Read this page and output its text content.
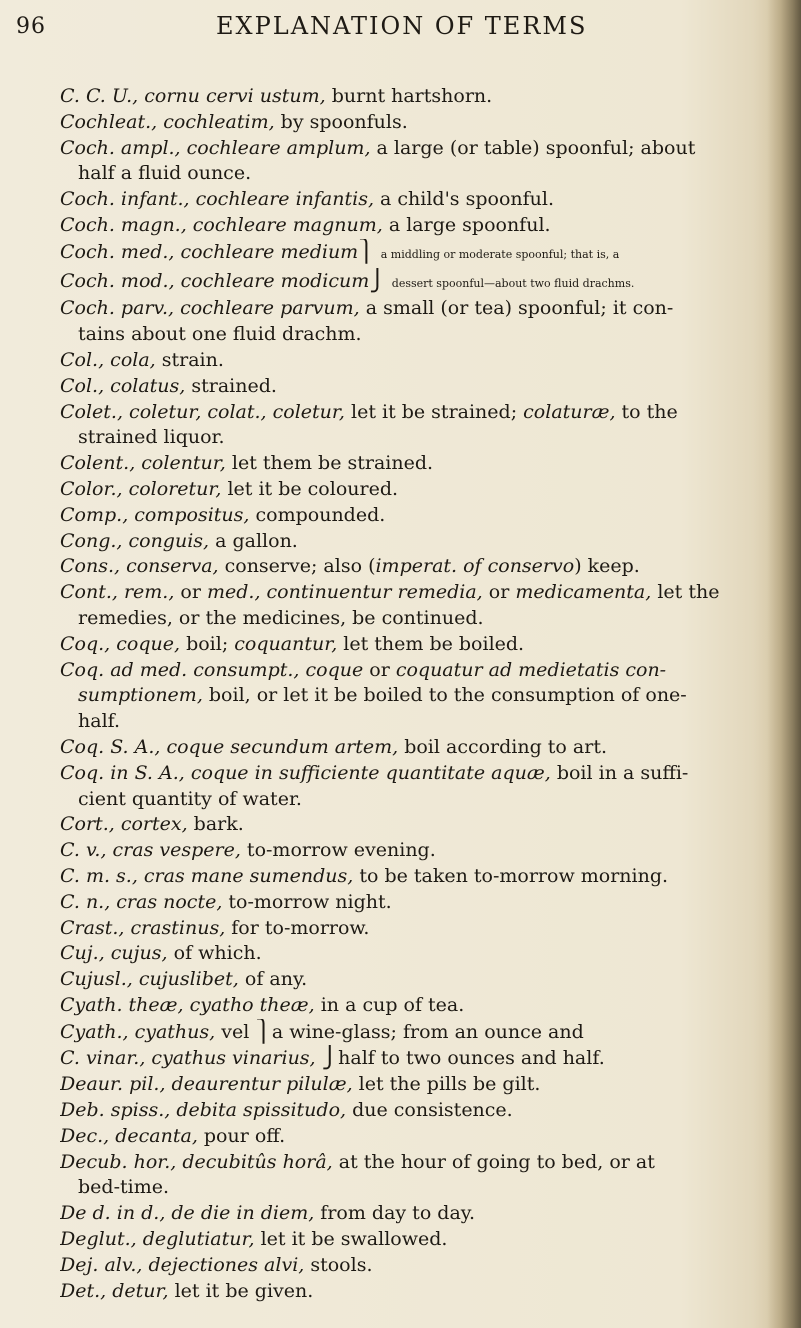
96	EXPLANATION OF TERMS
C. C. U., cornu cervi ustum, burnt hartshorn.
Cochleat., cochleatim, by spoonfuls.
Coch. ampl., cochleare amplum, a large (or table) spoonful; about
half a fluid ounce.
Coch. infant., cochleare infantis, a child's spoonful.
Coch. magn., cochleare magnum, a large spoonful.
Coch. med., cochleare medium⎫ a middling or moderate spoonful; that is, a
Coch. mod., cochleare modicum⎭ dessert spoonful—about two fluid drachms.
Coch. parv., cochleare parvum, a small (or tea) spoonful; it con-
tains about one fluid drachm.
Col., cola, strain.
Col., colatus, strained.
Colet., coletur, colat., coletur, let it be strained; colaturæ, to the
strained liquor.
Colent., colentur, let them be strained.
Color., coloretur, let it be coloured.
Comp., compositus, compounded.
Cong., conguis, a gallon.
Cons., conserva, conserve; also (imperat. of conservo) keep.
Cont., rem., or med., continuentur remedia, or medicamenta, let the
remedies, or the medicines, be continued.
Coq., coque, boil; coquantur, let them be boiled.
Coq. ad med. consumpt., coque or coquatur ad medietatis con-
sumptionem, boil, or let it be boiled to the consumption of one-
half.
Coq. S. A., coque secundum artem, boil according to art.
Coq. in S. A., coque in sufficiente quantitate aquæ, boil in a suffi-
cient quantity of water.
Cort., cortex, bark.
C. v., cras vespere, to-morrow evening.
C. m. s., cras mane sumendus, to be taken to-morrow morning.
C. n., cras nocte, to-morrow night.
Crast., crastinus, for to-morrow.
Cuj., cujus, of which.
Cujusl., cujuslibet, of any.
Cyath. theæ, cyatho theæ, in a cup of tea.
Cyath., cyathus, vel ⎫a wine-glass; from an ounce and
C. vinar., cyathus vinarius, ⎭half to two ounces and half.
Deaur. pil., deaurentur pilulæ, let the pills be gilt.
Deb. spiss., debita spissitudo, due consistence.
Dec., decanta, pour off.
Decub. hor., decubitûs horâ, at the hour of going to bed, or at
bed-time.
De d. in d., de die in diem, from day to day.
Deglut., deglutiatur, let it be swallowed.
Dej. alv., dejectiones alvi, stools.
Det., detur, let it be given.
